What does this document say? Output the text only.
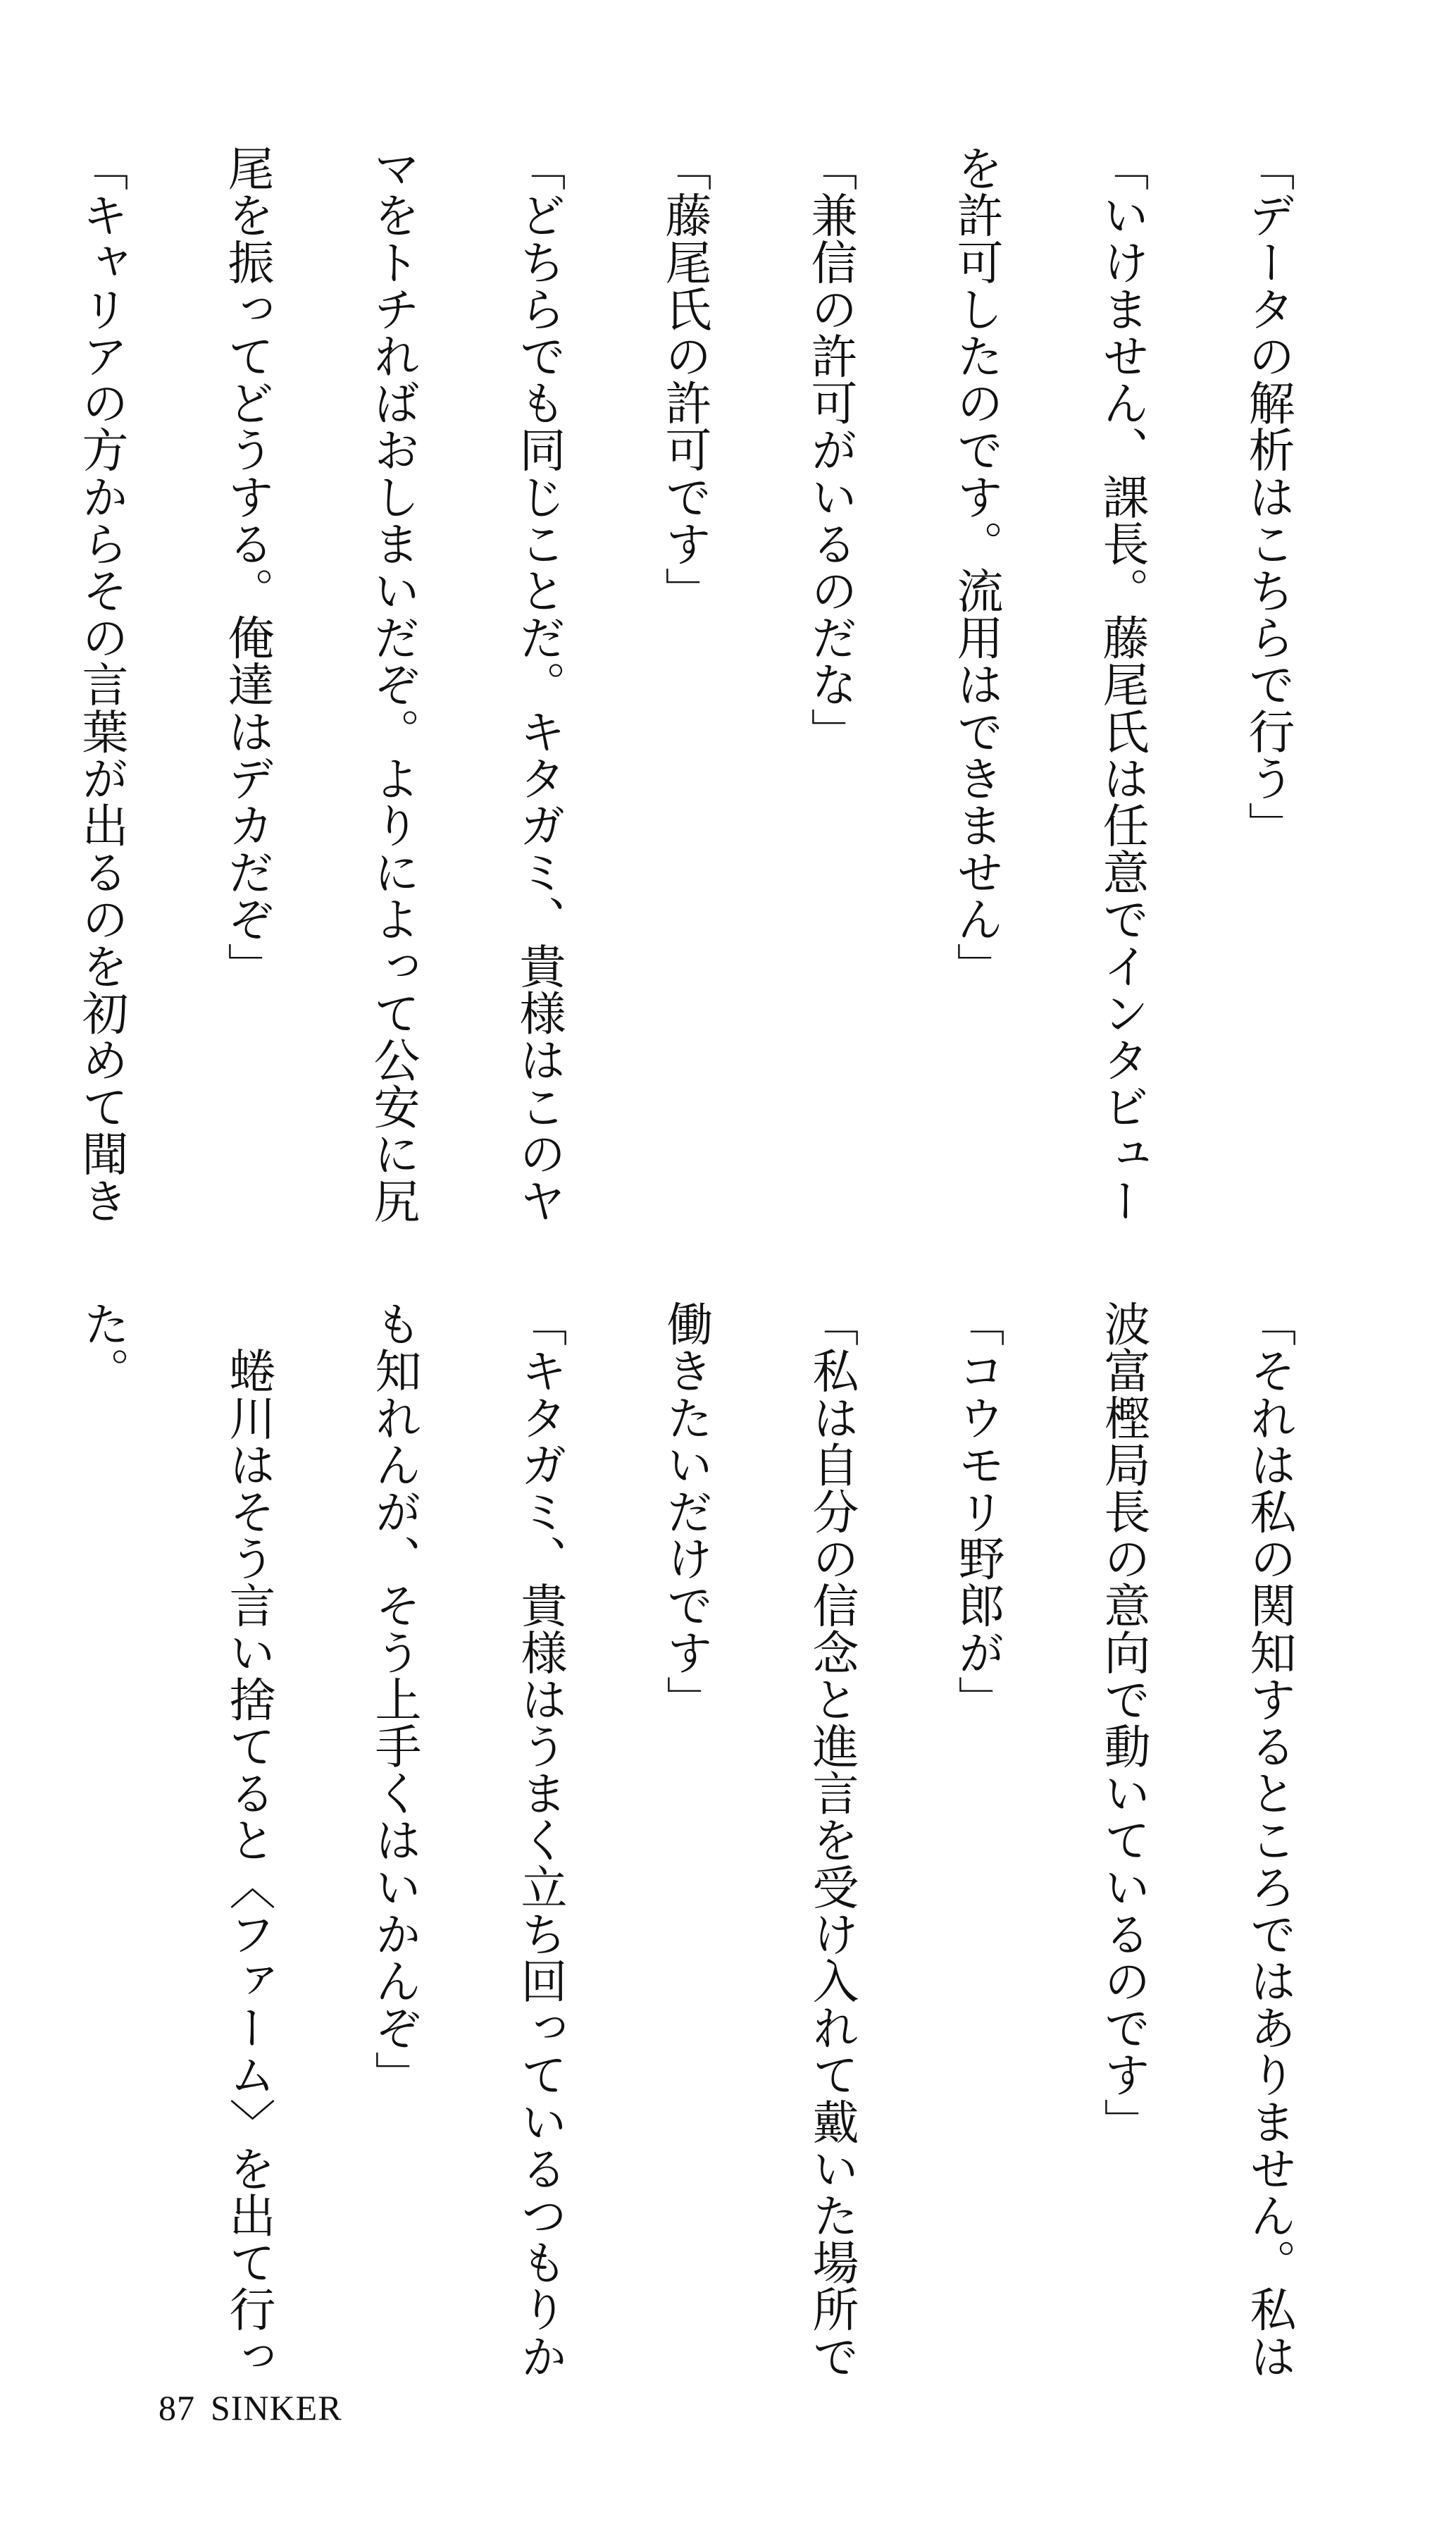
「データの解析はこちらで行う」

「いけません、課長。藤尾氏は任意でインタビュー

を許可したのです。流用はできません」

「兼信の許可がいるのだな」

「藤尾氏の許可です」

「どちらでも同じことだ。キタガミ、貴様はこのヤ

マをトチればおしまいだぞ。よりによって公安に尻

尾を振ってどうする。俺達はデカだぞ」

「キャリアの方からその言葉が出るのを初めて聞き

「それは私の関知するところではありません。私は

波富樫局長の意向で動いているのです」

「コウモリ野郎が」

「私は自分の信念と進言を受け入れて戴いた場所で

働きたいだけです」

「キタガミ、貴様はうまく立ち回っているつもりか

も知れんが、そう上手くはいかんぞ」

　蜷川はそう言い捨てると〈ファーム〉を出て行っ

た。

87 SINKER
